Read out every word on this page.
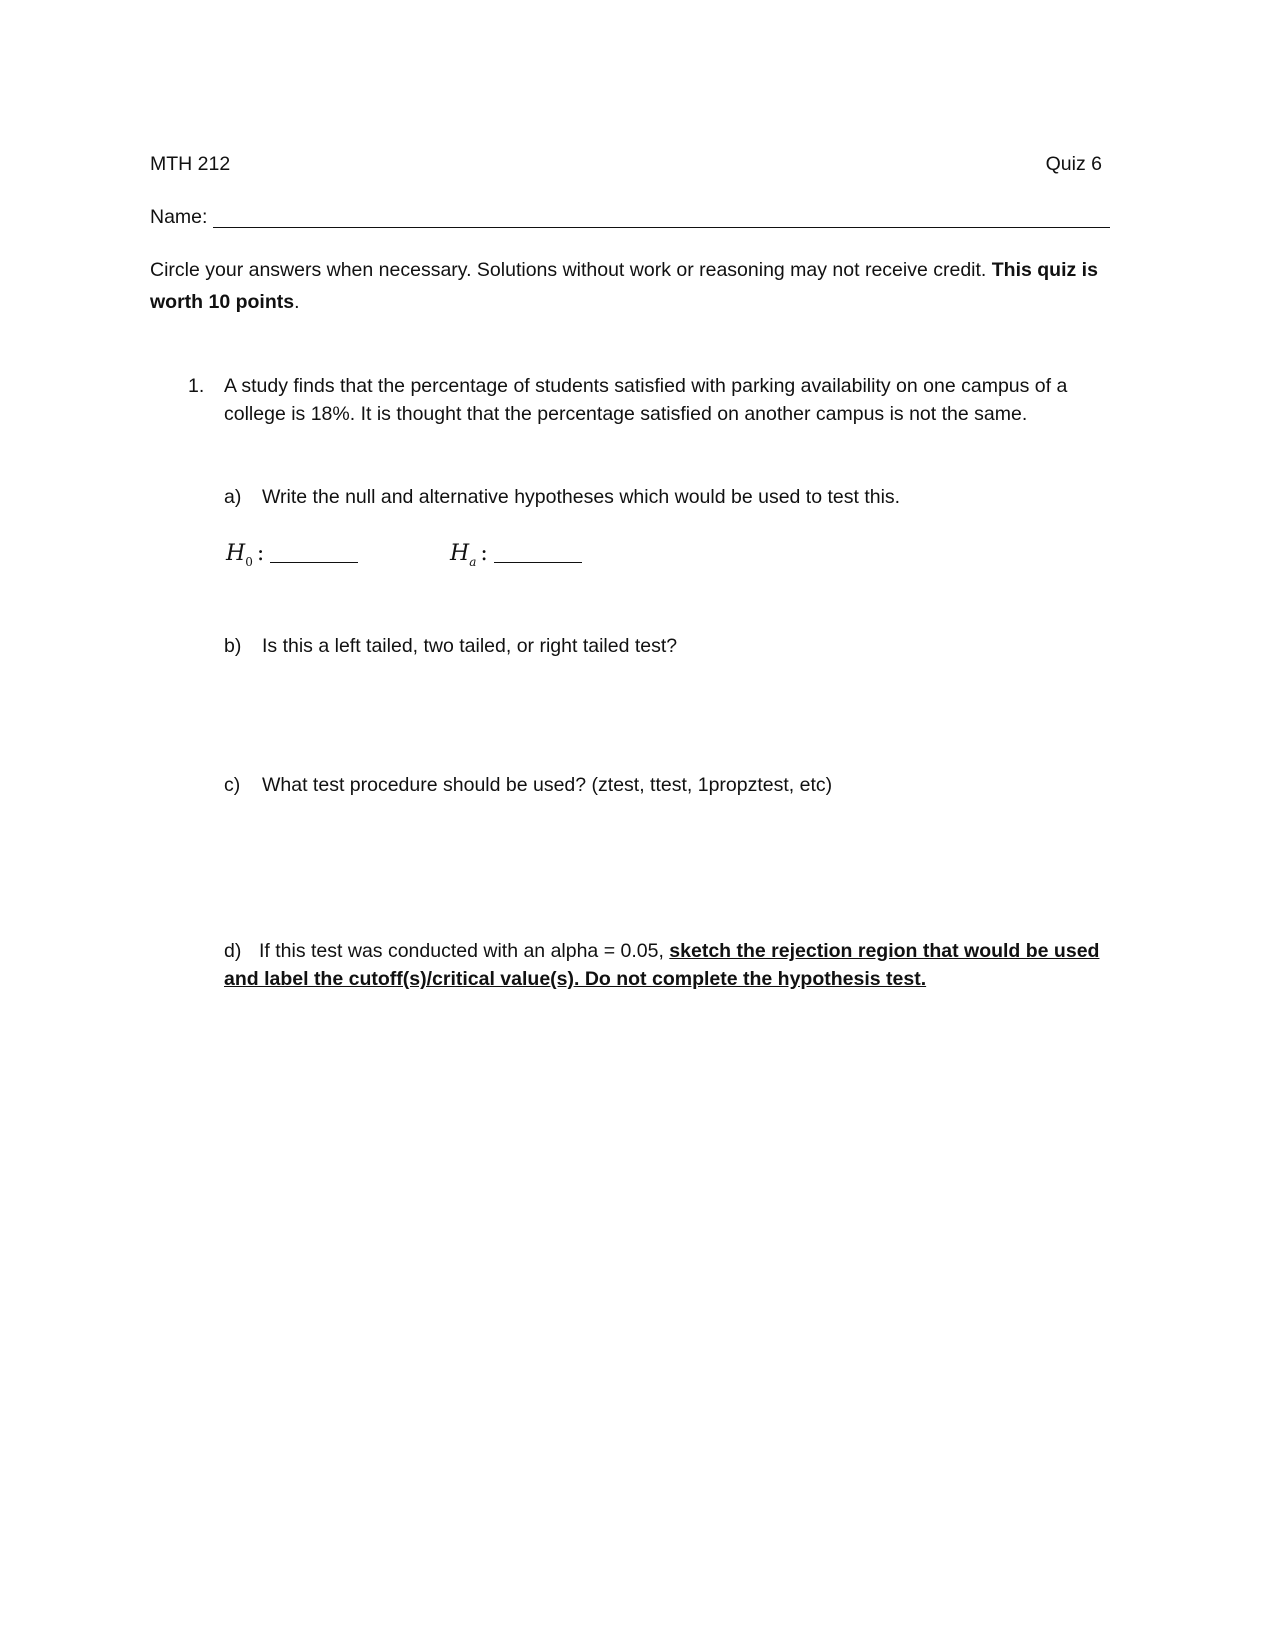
MTH 212	Quiz 6
Name:
Circle your answers when necessary. Solutions without work or reasoning may not receive credit. This quiz is worth 10 points.
1. A study finds that the percentage of students satisfied with parking availability on one campus of a college is 18%. It is thought that the percentage satisfied on another campus is not the same.
a) Write the null and alternative hypotheses which would be used to test this.
$H_0$ :	$H_a$ :
b) Is this a left tailed, two tailed, or right tailed test?
c) What test procedure should be used? (ztest, ttest, 1propztest, etc)
d) If this test was conducted with an alpha = 0.05, sketch the rejection region that would be used and label the cutoff(s)/critical value(s). Do not complete the hypothesis test.
